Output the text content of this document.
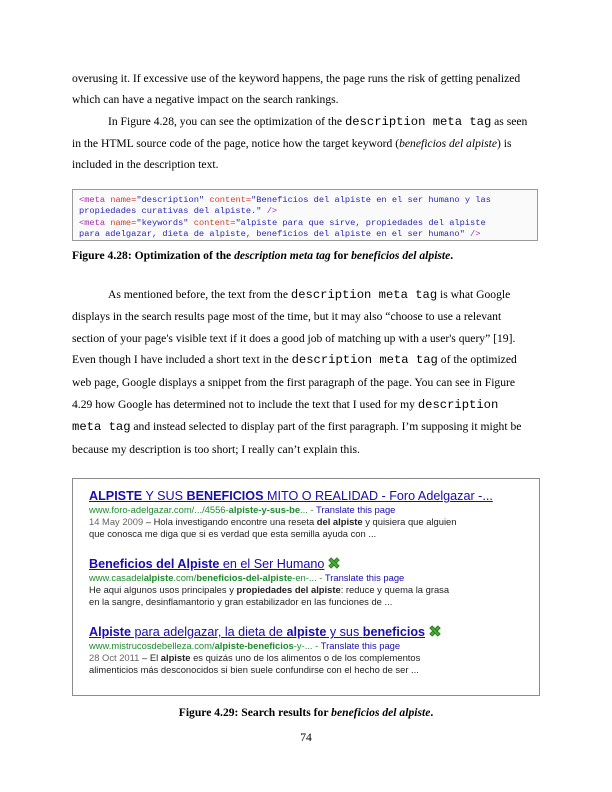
overusing it. If excessive use of the keyword happens, the page runs the risk of getting penalized
which can have a negative impact on the search rankings.

In Figure 4.28, you can see the optimization of the description meta tag as seen
in the HTML source code of the page, notice how the target keyword (beneficios del alpiste) is
included in the description text.

<meta name="description" content="Beneficios del alpiste en el ser humano y las
propiedades curativas del alpiste." />
<meta name="keywords" content="alpiste para que sirve, propiedades del alpiste
para adelgazar, dieta de alpiste, beneficios del alpiste en el ser humano" />

Figure 4.28: Optimization of the description meta tag for beneficios del alpiste.

As mentioned before, the text from the description meta tag is what Google
displays in the search results page most of the time, but it may also “choose to use a relevant
section of your page's visible text if it does a good job of matching up with a user's query” [19].
Even though I have included a short text in the description meta tag of the optimized
web page, Google displays a snippet from the first paragraph of the page. You can see in Figure
4.29 how Google has determined not to include the text that I used for my description
meta tag and instead selected to display part of the first paragraph. I’m supposing it might be
because my description is too short; I really can’t explain this.

ALPISTE Y SUS BENEFICIOS MITO O REALIDAD - Foro Adelgazar -...
www.foro-adelgazar.com/.../4556-alpiste-y-sus-be... - Translate this page
14 May 2009 – Hola investigando encontre una reseta del alpiste y quisiera que alguien
que conosca me diga que si es verdad que esta semilla ayuda con ...
Beneficios del Alpiste en el Ser Humano
www.casadelalpiste.com/beneficios-del-alpiste-en-... - Translate this page
He aqui algunos usos principales y propiedades del alpiste: reduce y quema la grasa
en la sangre, desinflamantorio y gran estabilizador en las funciones de ...
Alpiste para adelgazar, la dieta de alpiste y sus beneficios
www.mistrucosdebelleza.com/alpiste-beneficios-y-... - Translate this page
28 Oct 2011 – El alpiste es quizás uno de los alimentos o de los complementos
alimenticios más desconocidos si bien suele confundirse con el hecho de ser ...

Figure 4.29: Search results for beneficios del alpiste.

74
